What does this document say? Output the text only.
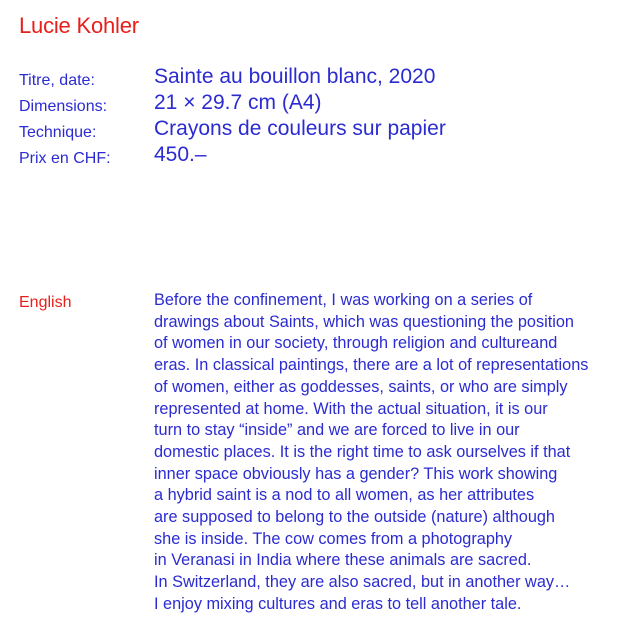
Lucie Kohler
Titre, date:	Sainte au bouillon blanc, 2020
Dimensions: 21 × 29.7 cm (A4)
Technique:	Crayons de couleurs sur papier
Prix en CHF: 450.–
English	Before the confinement, I was working on a series of
drawings about Saints, which was questioning the position
of women in our society, through religion and cultureand
eras. In classical paintings, there are a lot of representations
of women, either as goddesses, saints, or who are simply
represented at home. With the actual situation, it is our
turn to stay “inside” and we are forced to live in our
domestic places. It is the right time to ask ourselves if that
inner space obviously has a gender? This work showing
a hybrid saint is a nod to all women, as her attributes
are supposed to belong to the outside (nature) although
she is inside. The cow comes from a photography
in Veranasi in India where these animals are sacred.
In Switzerland, they are also sacred, but in another way…
I enjoy mixing cultures and eras to tell another tale.
